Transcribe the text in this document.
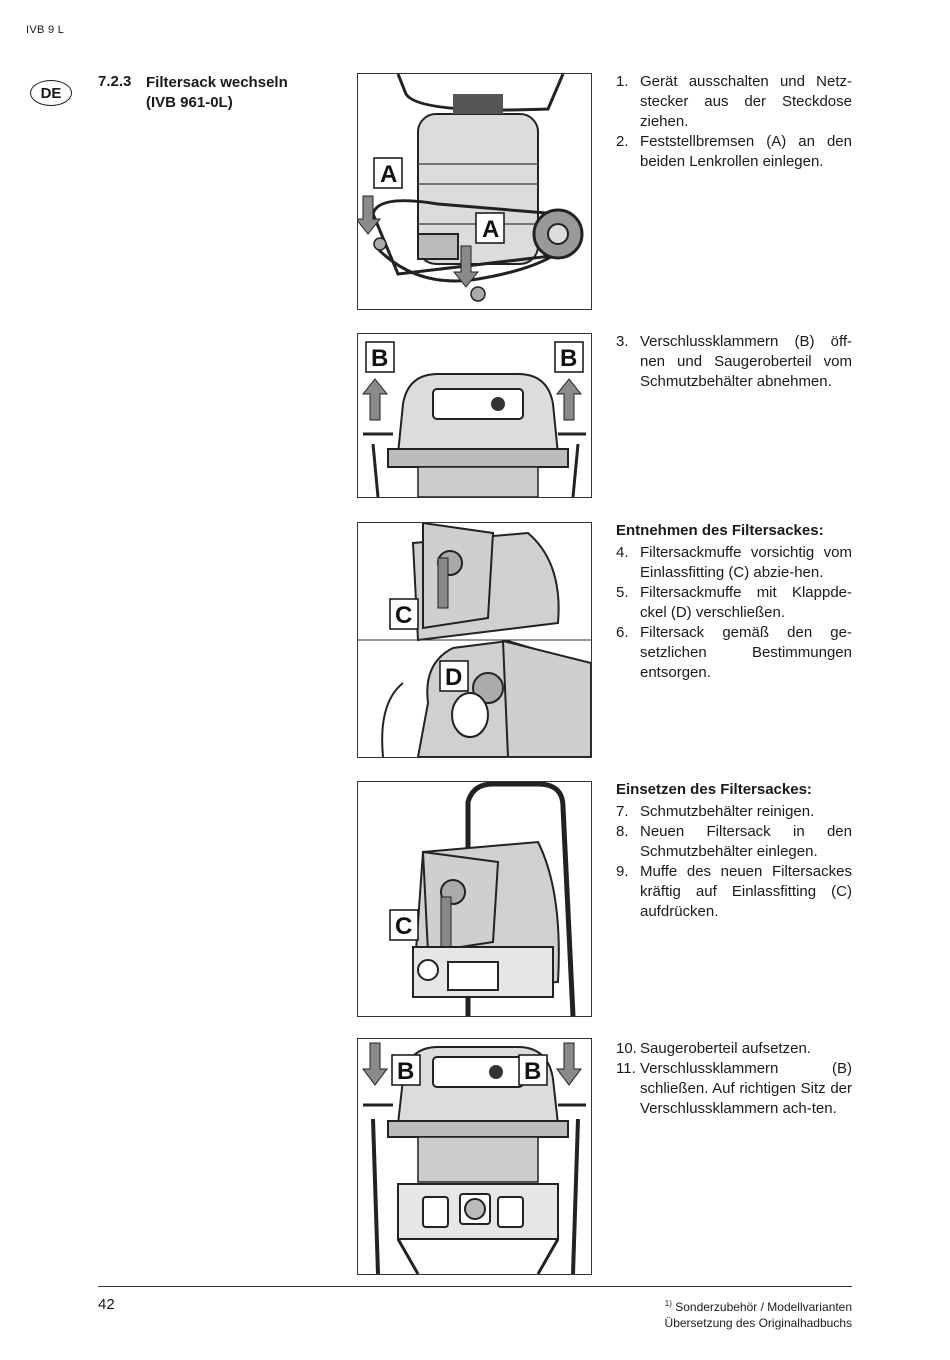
IVB 9 L
DE
7.2.3 Filtersack wechseln
(IVB 961-0L)
A
A
B	B
C
D
C
B	B
1. Gerät ausschalten und Netz-stecker aus der Steckdose ziehen.
2. Feststellbremsen (A) an den beiden Lenkrollen einlegen.
3. Verschlussklammern (B) öff-nen und Saugeroberteil vom Schmutzbehälter abnehmen.
Entnehmen des Filtersackes:
4. Filtersackmuffe vorsichtig vom Einlassfitting (C) abzie-hen.
5. Filtersackmuffe mit Klappde-ckel (D) verschließen.
6. Filtersack gemäß den ge-setzlichen Bestimmungen entsorgen.
Einsetzen des Filtersackes:
7. Schmutzbehälter reinigen.
8. Neuen Filtersack in den Schmutzbehälter einlegen.
9. Muffe des neuen Filtersackes kräftig auf Einlassfitting (C) aufdrücken.
10. Saugeroberteil aufsetzen.
11. Verschlussklammern (B) schließen. Auf richtigen Sitz der Verschlussklammern ach-ten.
42	$^{1)}$ Sonderzubehör / Modellvarianten
Übersetzung des Originalhadbuchs
